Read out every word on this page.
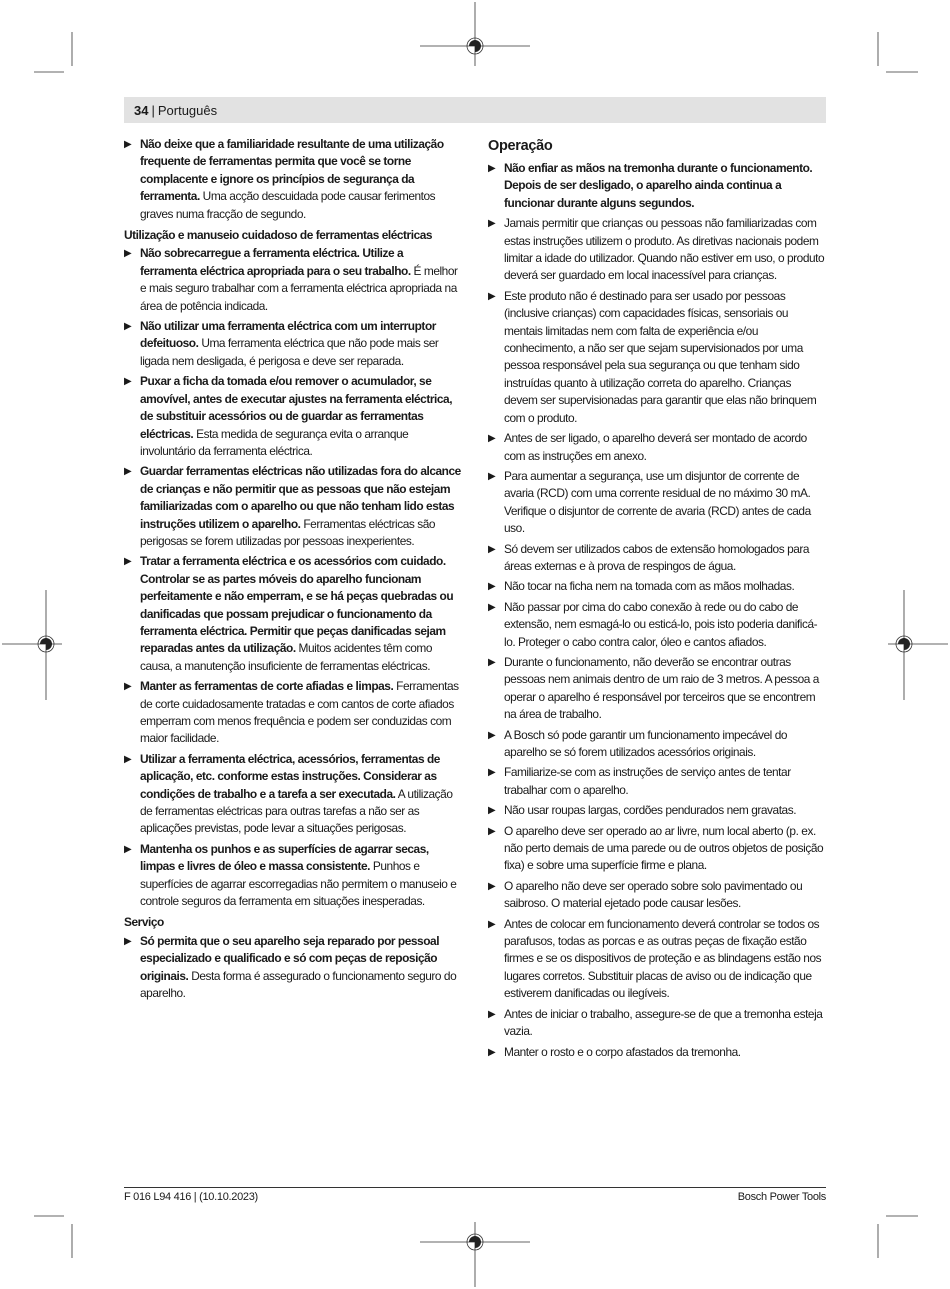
34 | Português
▶ Não deixe que a familiaridade resultante de uma utilização frequente de ferramentas permita que você se torne complacente e ignore os princípios de segurança da ferramenta. Uma acção descuidada pode causar ferimentos graves numa fracção de segundo.
Utilização e manuseio cuidadoso de ferramentas eléctricas
▶ Não sobrecarregue a ferramenta eléctrica. Utilize a ferramenta eléctrica apropriada para o seu trabalho. É melhor e mais seguro trabalhar com a ferramenta eléctrica apropriada na área de potência indicada.
▶ Não utilizar uma ferramenta eléctrica com um interruptor defeituoso. Uma ferramenta eléctrica que não pode mais ser ligada nem desligada, é perigosa e deve ser reparada.
▶ Puxar a ficha da tomada e/ou remover o acumulador, se amovível, antes de executar ajustes na ferramenta eléctrica, de substituir acessórios ou de guardar as ferramentas eléctricas. Esta medida de segurança evita o arranque involuntário da ferramenta eléctrica.
▶ Guardar ferramentas eléctricas não utilizadas fora do alcance de crianças e não permitir que as pessoas que não estejam familiarizadas com o aparelho ou que não tenham lido estas instruções utilizem o aparelho. Ferramentas eléctricas são perigosas se forem utilizadas por pessoas inexperientes.
▶ Tratar a ferramenta eléctrica e os acessórios com cuidado. Controlar se as partes móveis do aparelho funcionam perfeitamente e não emperram, e se há peças quebradas ou danificadas que possam prejudicar o funcionamento da ferramenta eléctrica. Permitir que peças danificadas sejam reparadas antes da utilização. Muitos acidentes têm como causa, a manutenção insuficiente de ferramentas eléctricas.
▶ Manter as ferramentas de corte afiadas e limpas. Ferramentas de corte cuidadosamente tratadas e com cantos de corte afiados emperram com menos frequência e podem ser conduzidas com maior facilidade.
▶ Utilizar a ferramenta eléctrica, acessórios, ferramentas de aplicação, etc. conforme estas instruções. Considerar as condições de trabalho e a tarefa a ser executada. A utilização de ferramentas eléctricas para outras tarefas a não ser as aplicações previstas, pode levar a situações perigosas.
▶ Mantenha os punhos e as superfícies de agarrar secas, limpas e livres de óleo e massa consistente. Punhos e superfícies de agarrar escorregadias não permitem o manuseio e controle seguros da ferramenta em situações inesperadas.
Serviço
▶ Só permita que o seu aparelho seja reparado por pessoal especializado e qualificado e só com peças de reposição originais. Desta forma é assegurado o funcionamento seguro do aparelho.
Operação
▶ Não enfiar as mãos na tremonha durante o funcionamento. Depois de ser desligado, o aparelho ainda continua a funcionar durante alguns segundos.
▶ Jamais permitir que crianças ou pessoas não familiarizadas com estas instruções utilizem o produto. As diretivas nacionais podem limitar a idade do utilizador. Quando não estiver em uso, o produto deverá ser guardado em local inacessível para crianças.
▶ Este produto não é destinado para ser usado por pessoas (inclusive crianças) com capacidades físicas, sensoriais ou mentais limitadas nem com falta de experiência e/ou conhecimento, a não ser que sejam supervisionados por uma pessoa responsável pela sua segurança ou que tenham sido instruídas quanto à utilização correta do aparelho. Crianças devem ser supervisionadas para garantir que elas não brinquem com o produto.
▶ Antes de ser ligado, o aparelho deverá ser montado de acordo com as instruções em anexo.
▶ Para aumentar a segurança, use um disjuntor de corrente de avaria (RCD) com uma corrente residual de no máximo 30 mA. Verifique o disjuntor de corrente de avaria (RCD) antes de cada uso.
▶ Só devem ser utilizados cabos de extensão homologados para áreas externas e à prova de respingos de água.
▶ Não tocar na ficha nem na tomada com as mãos molhadas.
▶ Não passar por cima do cabo conexão à rede ou do cabo de extensão, nem esmagá-lo ou esticá-lo, pois isto poderia danificá-lo. Proteger o cabo contra calor, óleo e cantos afiados.
▶ Durante o funcionamento, não deverão se encontrar outras pessoas nem animais dentro de um raio de 3 metros. A pessoa a operar o aparelho é responsável por terceiros que se encontrem na área de trabalho.
▶ A Bosch só pode garantir um funcionamento impecável do aparelho se só forem utilizados acessórios originais.
▶ Familiarize-se com as instruções de serviço antes de tentar trabalhar com o aparelho.
▶ Não usar roupas largas, cordões pendurados nem gravatas.
▶ O aparelho deve ser operado ao ar livre, num local aberto (p. ex. não perto demais de uma parede ou de outros objetos de posição fixa) e sobre uma superfície firme e plana.
▶ O aparelho não deve ser operado sobre solo pavimentado ou saibroso. O material ejetado pode causar lesões.
▶ Antes de colocar em funcionamento deverá controlar se todos os parafusos, todas as porcas e as outras peças de fixação estão firmes e se os dispositivos de proteção e as blindagens estão nos lugares corretos. Substituir placas de aviso ou de indicação que estiverem danificadas ou ilegíveis.
▶ Antes de iniciar o trabalho, assegure-se de que a tremonha esteja vazia.
▶ Manter o rosto e o corpo afastados da tremonha.
F 016 L94 416 | (10.10.2023)	Bosch Power Tools
